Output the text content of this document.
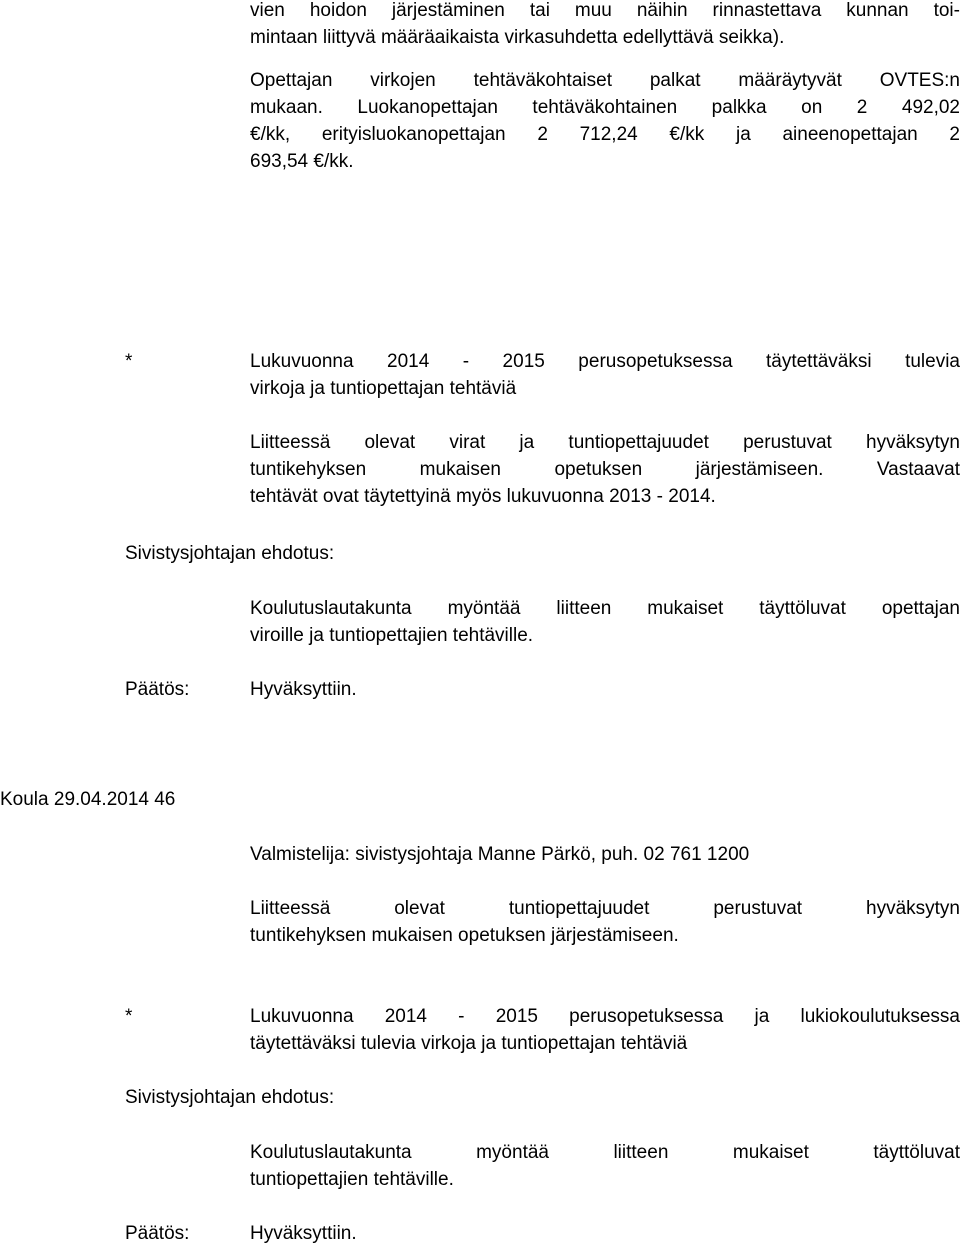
vien hoidon järjestäminen tai muu näihin rinnastettava kunnan toi-
mintaan liittyvä määräaikaista virkasuhdetta edellyttävä seikka).
Opettajan virkojen tehtäväkohtaiset palkat määräytyvät OVTES:n
mukaan. Luokanopettajan tehtäväkohtainen palkka on 2 492,02
€/kk, erityisluokanopettajan 2 712,24 €/kk ja aineenopettajan 2
693,54 €/kk.
*	Lukuvuonna 2014 - 2015 perusopetuksessa täytettäväksi tulevia
virkoja ja tuntiopettajan tehtäviä
Liitteessä olevat virat ja tuntiopettajuudet perustuvat hyväksytyn
tuntikehyksen mukaisen opetuksen järjestämiseen. Vastaavat
tehtävät ovat täytettyinä myös lukuvuonna 2013 - 2014.
Sivistysjohtajan ehdotus:
Koulutuslautakunta myöntää liitteen mukaiset täyttöluvat opettajan
viroille ja tuntiopettajien tehtäville.
Päätös:	Hyväksyttiin.
Koula 29.04.2014 46
Valmistelija: sivistysjohtaja Manne Pärkö, puh. 02 761 1200
Liitteessä olevat tuntiopettajuudet perustuvat hyväksytyn
tuntikehyksen mukaisen opetuksen järjestämiseen.
*	Lukuvuonna 2014 - 2015 perusopetuksessa ja lukiokoulutuksessa
täytettäväksi tulevia virkoja ja tuntiopettajan tehtäviä
Sivistysjohtajan ehdotus:
Koulutuslautakunta myöntää liitteen mukaiset täyttöluvat
tuntiopettajien tehtäville.
Päätös:	Hyväksyttiin.
